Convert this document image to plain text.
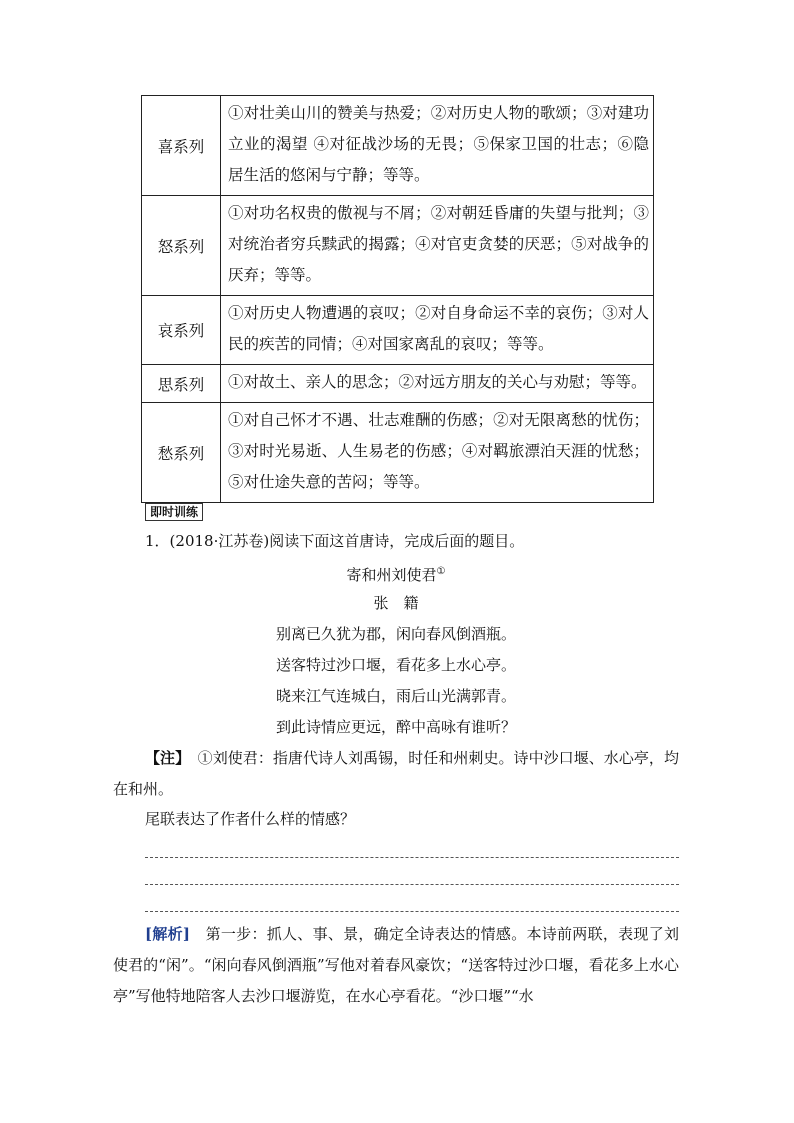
喜系列	①对壮美山川的赞美与热爱；②对历史人物的歌颂；③对建功立业的渴望 ④对征战沙场的无畏；⑤保家卫国的壮志；⑥隐居生活的悠闲与宁静；等等。
怒系列	①对功名权贵的傲视与不屑；②对朝廷昏庸的失望与批判；③对统治者穷兵黩武的揭露；④对官吏贪婪的厌恶；⑤对战争的厌弃；等等。
哀系列	①对历史人物遭遇的哀叹；②对自身命运不幸的哀伤；③对人民的疾苦的同情；④对国家离乱的哀叹；等等。
思系列	①对故土、亲人的思念；②对远方朋友的关心与劝慰；等等。
愁系列	①对自己怀才不遇、壮志难酬的伤感；②对无限离愁的忧伤；③对时光易逝、人生易老的伤感；④对羁旅漂泊天涯的忧愁；⑤对仕途失意的苦闷；等等。
即时训练
1．(2018·江苏卷)阅读下面这首唐诗，完成后面的题目。
寄和州刘使君①
张　籍
别离已久犹为郡，闲向春风倒酒瓶。
送客特过沙口堰，看花多上水心亭。
晓来江气连城白，雨后山光满郭青。
到此诗情应更远，醉中高咏有谁听？
【注】　 ①刘使君：指唐代诗人刘禹锡，时任和州刺史。诗中沙口堰、水心亭，均在和州。
尾联表达了作者什么样的情感？
[解析]　 第一步：抓人、事、景，确定全诗表达的情感。本诗前两联，表现了刘使君的“闲”。“闲向春风倒酒瓶”写他对着春风豪饮；“送客特过沙口堰，看花多上水心亭”写他特地陪客人去沙口堰游览，在水心亭看花。“沙口堰”“水
